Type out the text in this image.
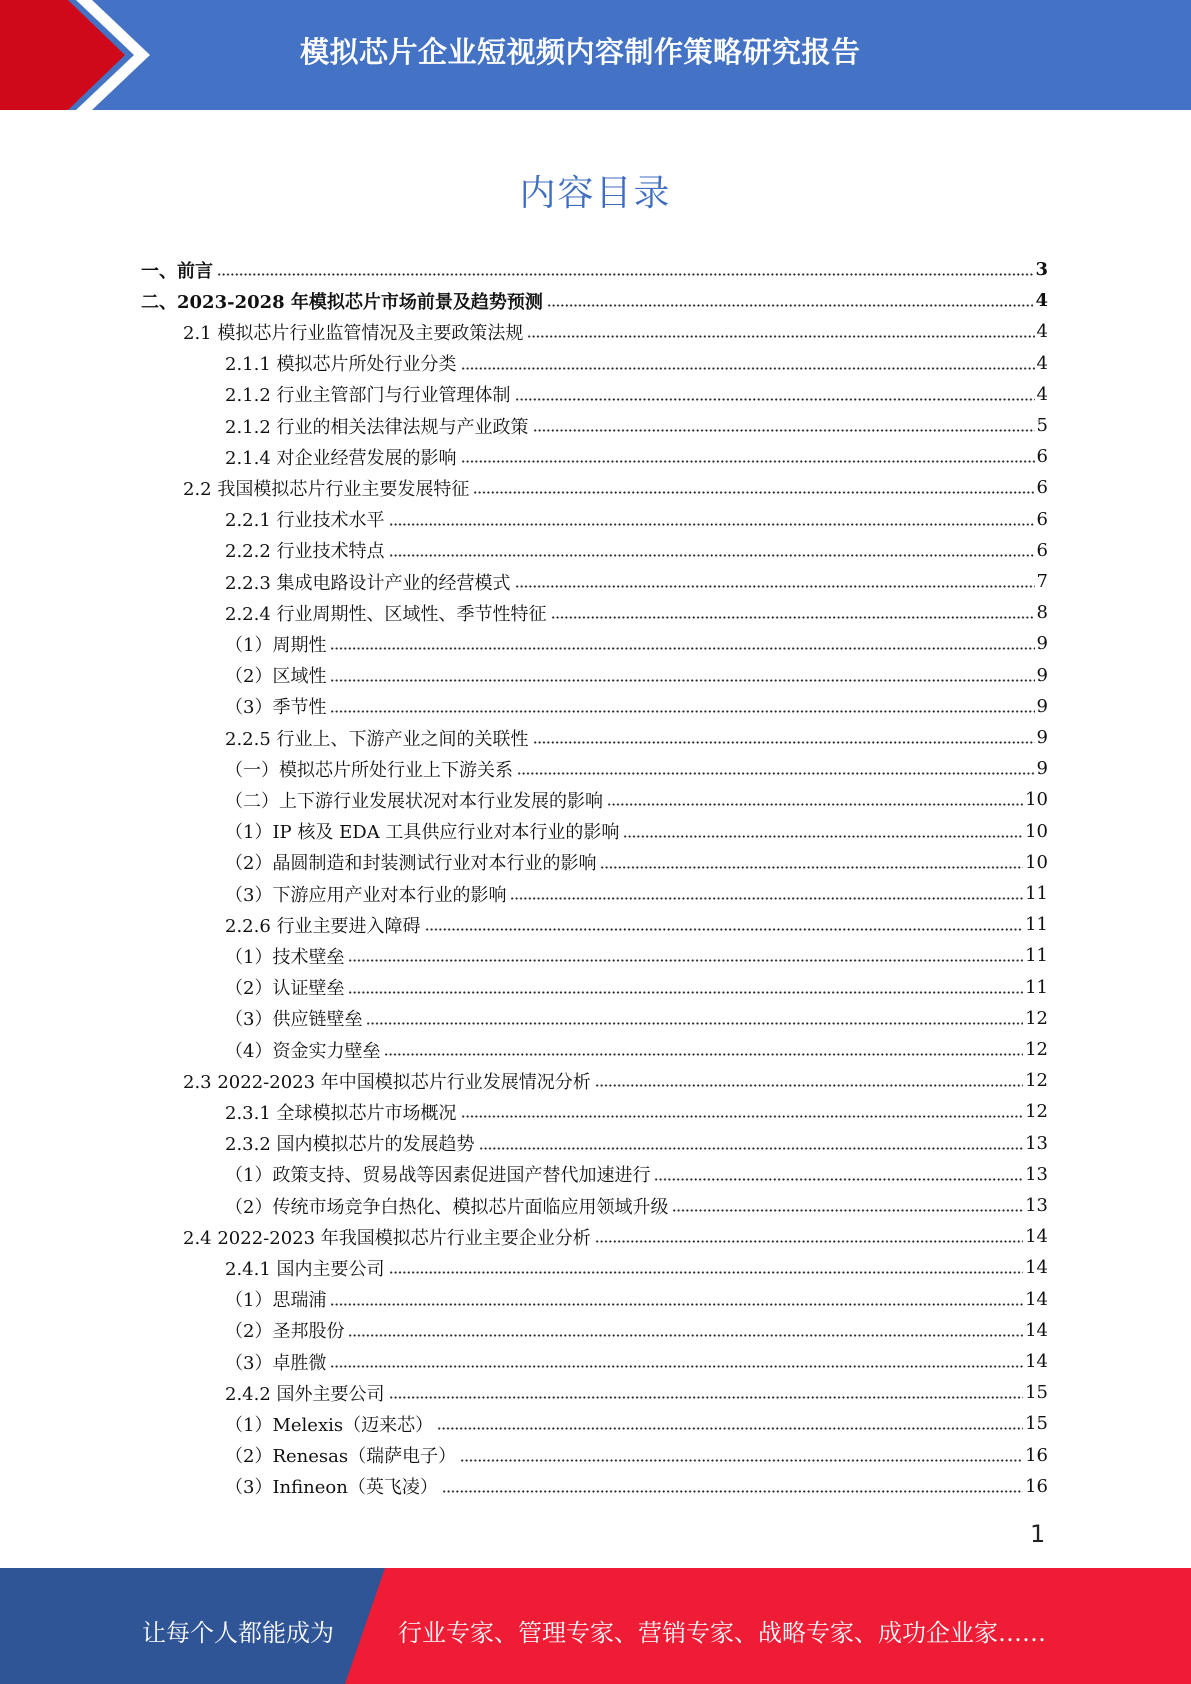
模拟芯片企业短视频内容制作策略研究报告
内容目录
一、前言	3
二、2023-2028 年模拟芯片市场前景及趋势预测	4
2.1 模拟芯片行业监管情况及主要政策法规	4
2.1.1 模拟芯片所处行业分类	4
2.1.2 行业主管部门与行业管理体制	4
2.1.2 行业的相关法律法规与产业政策	5
2.1.4 对企业经营发展的影响	6
2.2 我国模拟芯片行业主要发展特征	6
2.2.1 行业技术水平	6
2.2.2 行业技术特点	6
2.2.3 集成电路设计产业的经营模式	7
2.2.4 行业周期性、区域性、季节性特征	8
（1）周期性	9
（2）区域性	9
（3）季节性	9
2.2.5 行业上、下游产业之间的关联性	9
（一）模拟芯片所处行业上下游关系	9
（二）上下游行业发展状况对本行业发展的影响	10
（1）IP 核及 EDA 工具供应行业对本行业的影响	10
（2）晶圆制造和封装测试行业对本行业的影响	10
（3）下游应用产业对本行业的影响	11
2.2.6 行业主要进入障碍	11
（1）技术壁垒	11
（2）认证壁垒	11
（3）供应链壁垒	12
（4）资金实力壁垒	12
2.3 2022-2023 年中国模拟芯片行业发展情况分析	12
2.3.1 全球模拟芯片市场概况	12
2.3.2 国内模拟芯片的发展趋势	13
（1）政策支持、贸易战等因素促进国产替代加速进行	13
（2）传统市场竞争白热化、模拟芯片面临应用领域升级	13
2.4 2022-2023 年我国模拟芯片行业主要企业分析	14
2.4.1 国内主要公司	14
（1）思瑞浦	14
（2）圣邦股份	14
（3）卓胜微	14
2.4.2 国外主要公司	15
（1）Melexis（迈来芯）	15
（2）Renesas（瑞萨电子）	16
（3）Infineon（英飞凌）	16
1
让每个人都能成为	行业专家、管理专家、营销专家、战略专家、成功企业家……
